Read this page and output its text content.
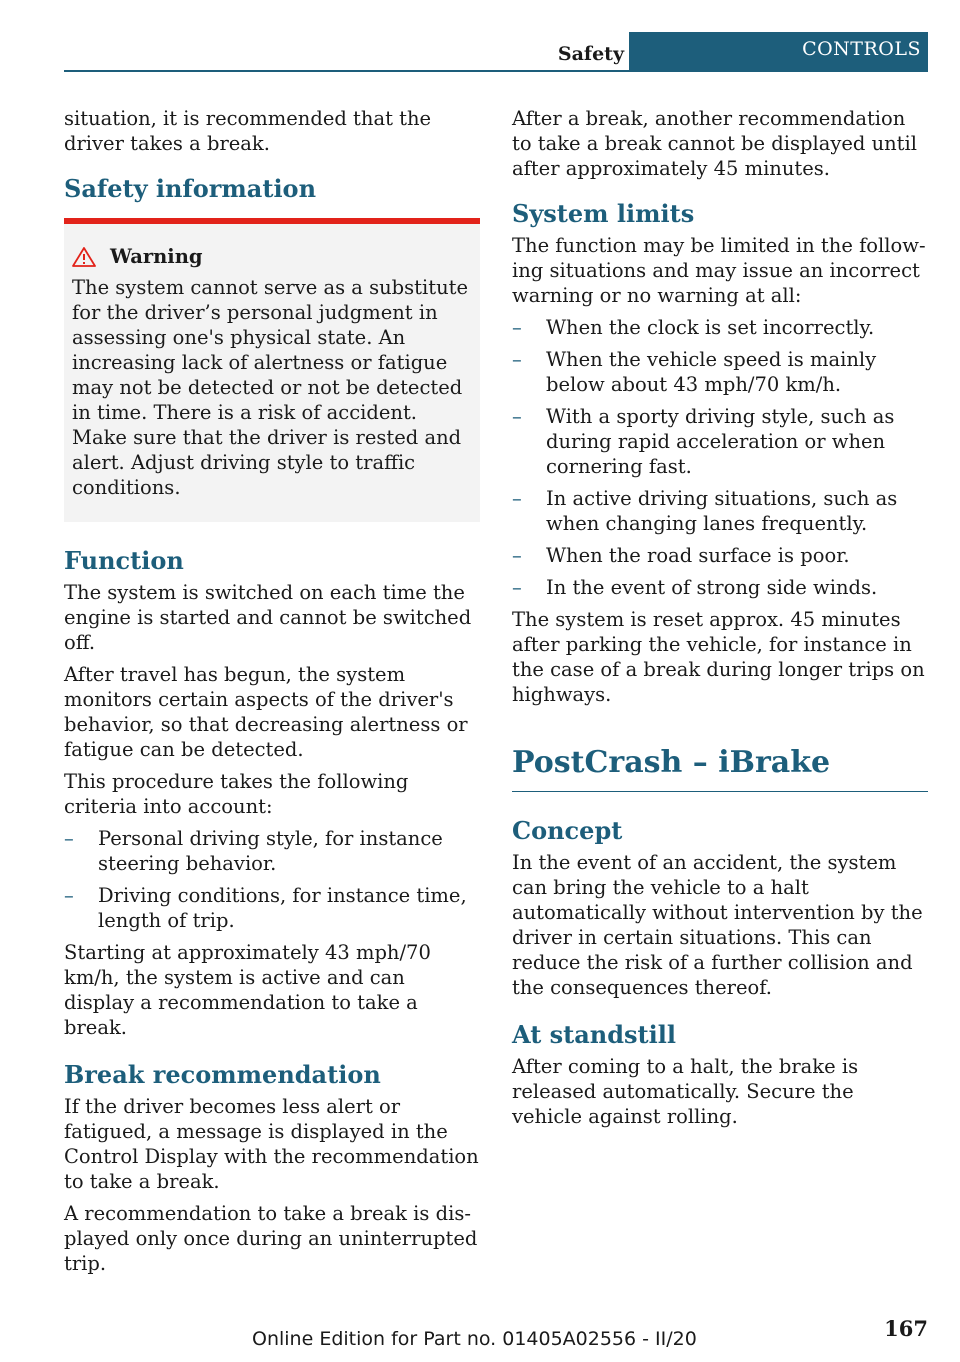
Safety	CONTROLS

situation, it is recommended that the driver takes a break.

Safety information
Warning
The system cannot serve as a substitute for the driver’s personal judgment in assessing one's physical state. An increasing lack of alertness or fatigue may not be detected or not be detected in time. There is a risk of accident. Make sure that the driver is rested and alert. Adjust driving style to traffic conditions.
Function

The system is switched on each time the engine is started and cannot be switched off.

After travel has begun, the system monitors certain aspects of the driver's behavior, so that decreasing alertness or fatigue can be detected.

This procedure takes the following criteria into account:

– Personal driving style, for instance steering behavior.
– Driving conditions, for instance time, length of trip.

Starting at approximately 43 mph/70 km/h, the system is active and can display a recommendation to take a break.

Break recommendation

If the driver becomes less alert or fatigued, a message is displayed in the Control Display with the recommendation to take a break.

A recommendation to take a break is displayed only once during an uninterrupted trip.

After a break, another recommendation to take a break cannot be displayed until after approximately 45 minutes.

System limits

The function may be limited in the following situations and may issue an incorrect warning or no warning at all:

– When the clock is set incorrectly.
– When the vehicle speed is mainly below about 43 mph/70 km/h.
– With a sporty driving style, such as during rapid acceleration or when cornering fast.
– In active driving situations, such as when changing lanes frequently.
– When the road surface is poor.
– In the event of strong side winds.

The system is reset approx. 45 minutes after parking the vehicle, for instance in the case of a break during longer trips on highways.

PostCrash – iBrake
Concept

In the event of an accident, the system can bring the vehicle to a halt automatically without intervention by the driver in certain situations. This can reduce the risk of a further collision and the consequences thereof.

At standstill

After coming to a halt, the brake is released automatically. Secure the vehicle against rolling.

167
Online Edition for Part no. 01405A02556 - II/20
